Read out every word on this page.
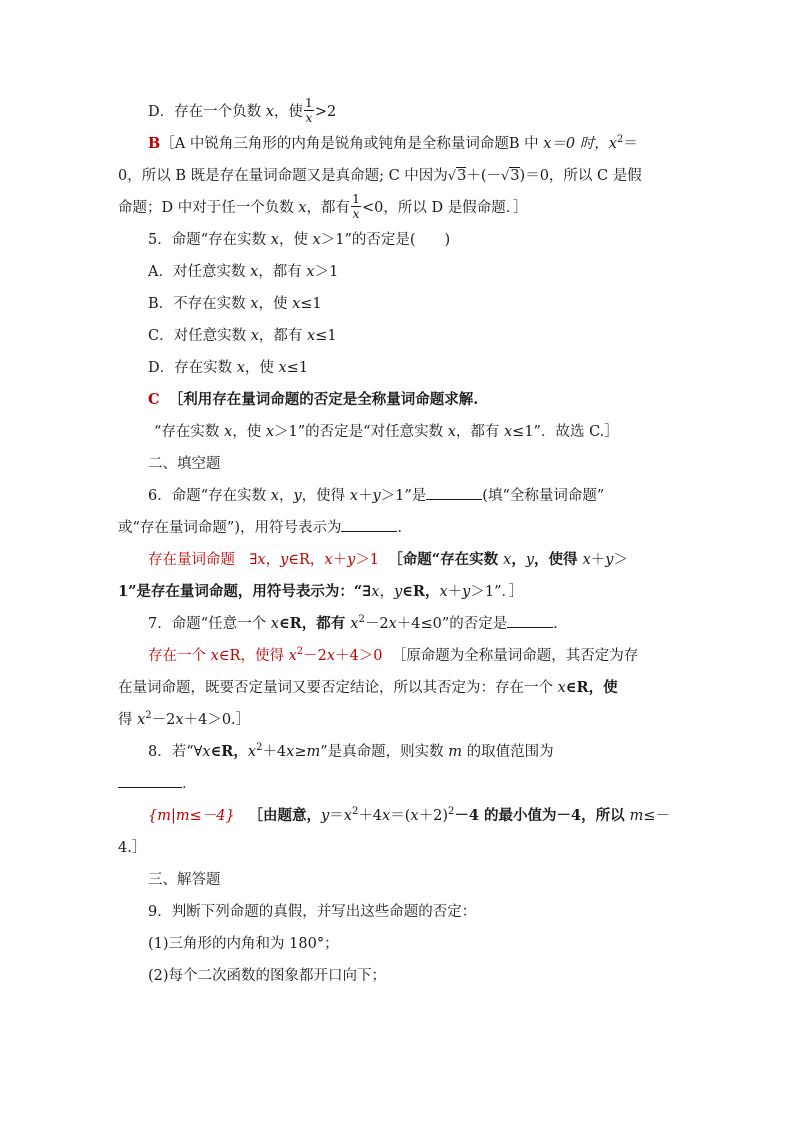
D．存在一个负数 x，使 $\frac{1}{x} >2$
B［A 中锐角三角形的内角是锐角或钝角是全称量词命题B 中 x＝0 时，$x^2=$
0，所以 B 既是存在量词命题又是真命题; C 中因为√3＋(－√3)＝0，所以 C 是假
命题；D 中对于任一个负数 x，都有 $\frac{1}{x} <0$，所以 D 是假命题．］
5．命题“存在实数 x，使 x＞1”的否定是(　　)
A．对任意实数 x，都有 x＞1
B．不存在实数 x，使 x≤1
C．对任意实数 x，都有 x≤1
D．存在实数 x，使 x≤1
C ［利用存在量词命题的否定是全称量词命题求解.
“存在实数 x，使 x＞1”的否定是“对任意实数 x，都有 x≤1”．故选 C.］
二、填空题
6．命题“存在实数 x，y，使得 x＋y＞1”是	(填“全称量词命题”
或“存在量词命题”)，用符号表示为	．
存在量词命题　∃x，y∈R，x＋y＞1 ［命题“存在实数 x，y，使得 x＋y＞
1”是存在量词命题，用符号表示为：“∃x，y∈R，x＋y＞1”．］
7．命题“任意一个 x∈R，都有 $x^2-2x+4\le 0$”的否定是	．
存在一个 x∈R，使得 $x^2-2x+4>0$ ［原命题为全称量词命题，其否定为存
在量词命题，既要否定量词又要否定结论，所以其否定为：存在一个 x∈R，使
得 $x^2-2x+4>0.]$
8．若“∀x∈R，$x^2+4x\ge m$”是真命题，则实数 m 的取值范围为
．
{m|m≤－4} ［由题意，$y=x^2+4x=(x+2)^2-4$ 的最小值为－4，所以 m≤－
4.］
三、解答题
9．判断下列命题的真假，并写出这些命题的否定：
(1)三角形的内角和为 180°；
(2)每个二次函数的图象都开口向下；
